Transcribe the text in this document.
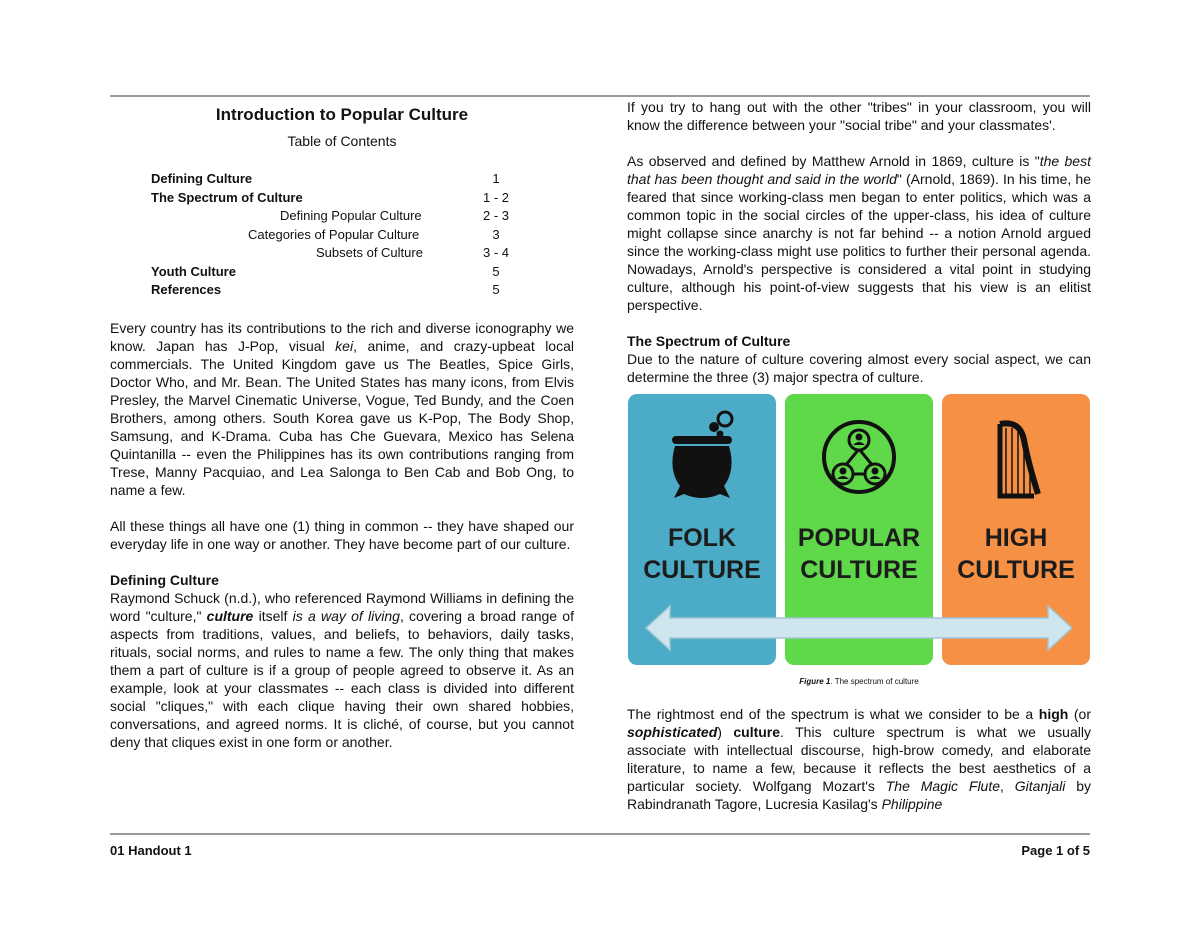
Introduction to Popular Culture
Table of Contents
Defining Culture	1
The Spectrum of Culture	1 - 2
Defining Popular Culture	2 - 3
Categories of Popular Culture	3
Subsets of Culture	3 - 4
Youth Culture	5
References	5

Every country has its contributions to the rich and diverse iconography we know. Japan has J-Pop, visual kei, anime, and crazy-upbeat local commercials. The United Kingdom gave us The Beatles, Spice Girls, Doctor Who, and Mr. Bean. The United States has many icons, from Elvis Presley, the Marvel Cinematic Universe, Vogue, Ted Bundy, and the Coen Brothers, among others. South Korea gave us K-Pop, The Body Shop, Samsung, and K-Drama. Cuba has Che Guevara, Mexico has Selena Quintanilla -- even the Philippines has its own contributions ranging from Trese, Manny Pacquiao, and Lea Salonga to Ben Cab and Bob Ong, to name a few.

All these things all have one (1) thing in common -- they have shaped our everyday life in one way or another. They have become part of our culture.

Defining Culture

Raymond Schuck (n.d.), who referenced Raymond Williams in defining the word "culture," culture itself is a way of living, covering a broad range of aspects from traditions, values, and beliefs, to behaviors, daily tasks, rituals, social norms, and rules to name a few. The only thing that makes them a part of culture is if a group of people agreed to observe it. As an example, look at your classmates -- each class is divided into different social "cliques," with each clique having their own shared hobbies, conversations, and agreed norms. It is cliché, of course, but you cannot deny that cliques exist in one form or another.

If you try to hang out with the other "tribes" in your classroom, you will know the difference between your "social tribe" and your classmates'.

As observed and defined by Matthew Arnold in 1869, culture is "the best that has been thought and said in the world" (Arnold, 1869). In his time, he feared that since working-class men began to enter politics, which was a common topic in the social circles of the upper-class, his idea of culture might collapse since anarchy is not far behind -- a notion Arnold argued since the working-class might use politics to further their personal agenda. Nowadays, Arnold's perspective is considered a vital point in studying culture, although his point-of-view suggests that his view is an elitist perspective.

The Spectrum of Culture

Due to the nature of culture covering almost every social aspect, we can determine the three (3) major spectra of culture.

FOLK
CULTURE
POPULAR
CULTURE
HIGH
CULTURE
Figure 1. The spectrum of culture

The rightmost end of the spectrum is what we consider to be a high (or sophisticated) culture. This culture spectrum is what we usually associate with intellectual discourse, high-brow comedy, and elaborate literature, to name a few, because it reflects the best aesthetics of a particular society. Wolfgang Mozart's The Magic Flute, Gitanjali by Rabindranath Tagore, Lucresia Kasilag's Philippine

01 Handout 1	Page 1 of 5
